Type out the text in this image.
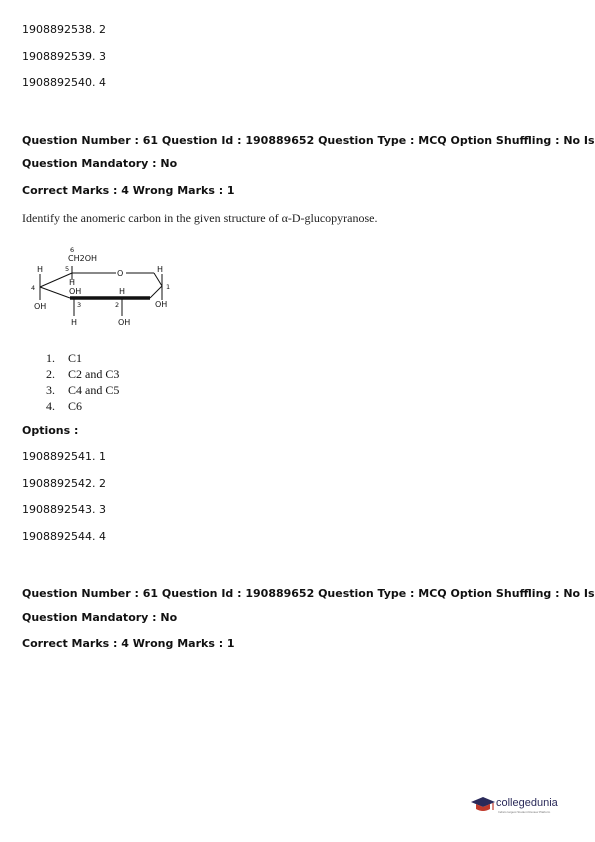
1908892538. 2
1908892539. 3
1908892540. 4
Question Number : 61 Question Id : 190889652 Question Type : MCQ Option Shuffling : No Is
Question Mandatory : No
Correct Marks : 4 Wrong Marks : 1
Identify the anomeric carbon in the given structure of α-D-glucopyranose.
6
CH2OH
5	O
H
OH	H
H
4
OH
H
1
OH
3
H
2
OH
1. C1
2. C2 and C3
3. C4 and C5
4. C6
Options :
1908892541. 1
1908892542. 2
1908892543. 3
1908892544. 4
Question Number : 61 Question Id : 190889652 Question Type : MCQ Option Shuffling : No Is
Question Mandatory : No
Correct Marks : 4 Wrong Marks : 1
collegedunia
India's largest Student Review Platform
